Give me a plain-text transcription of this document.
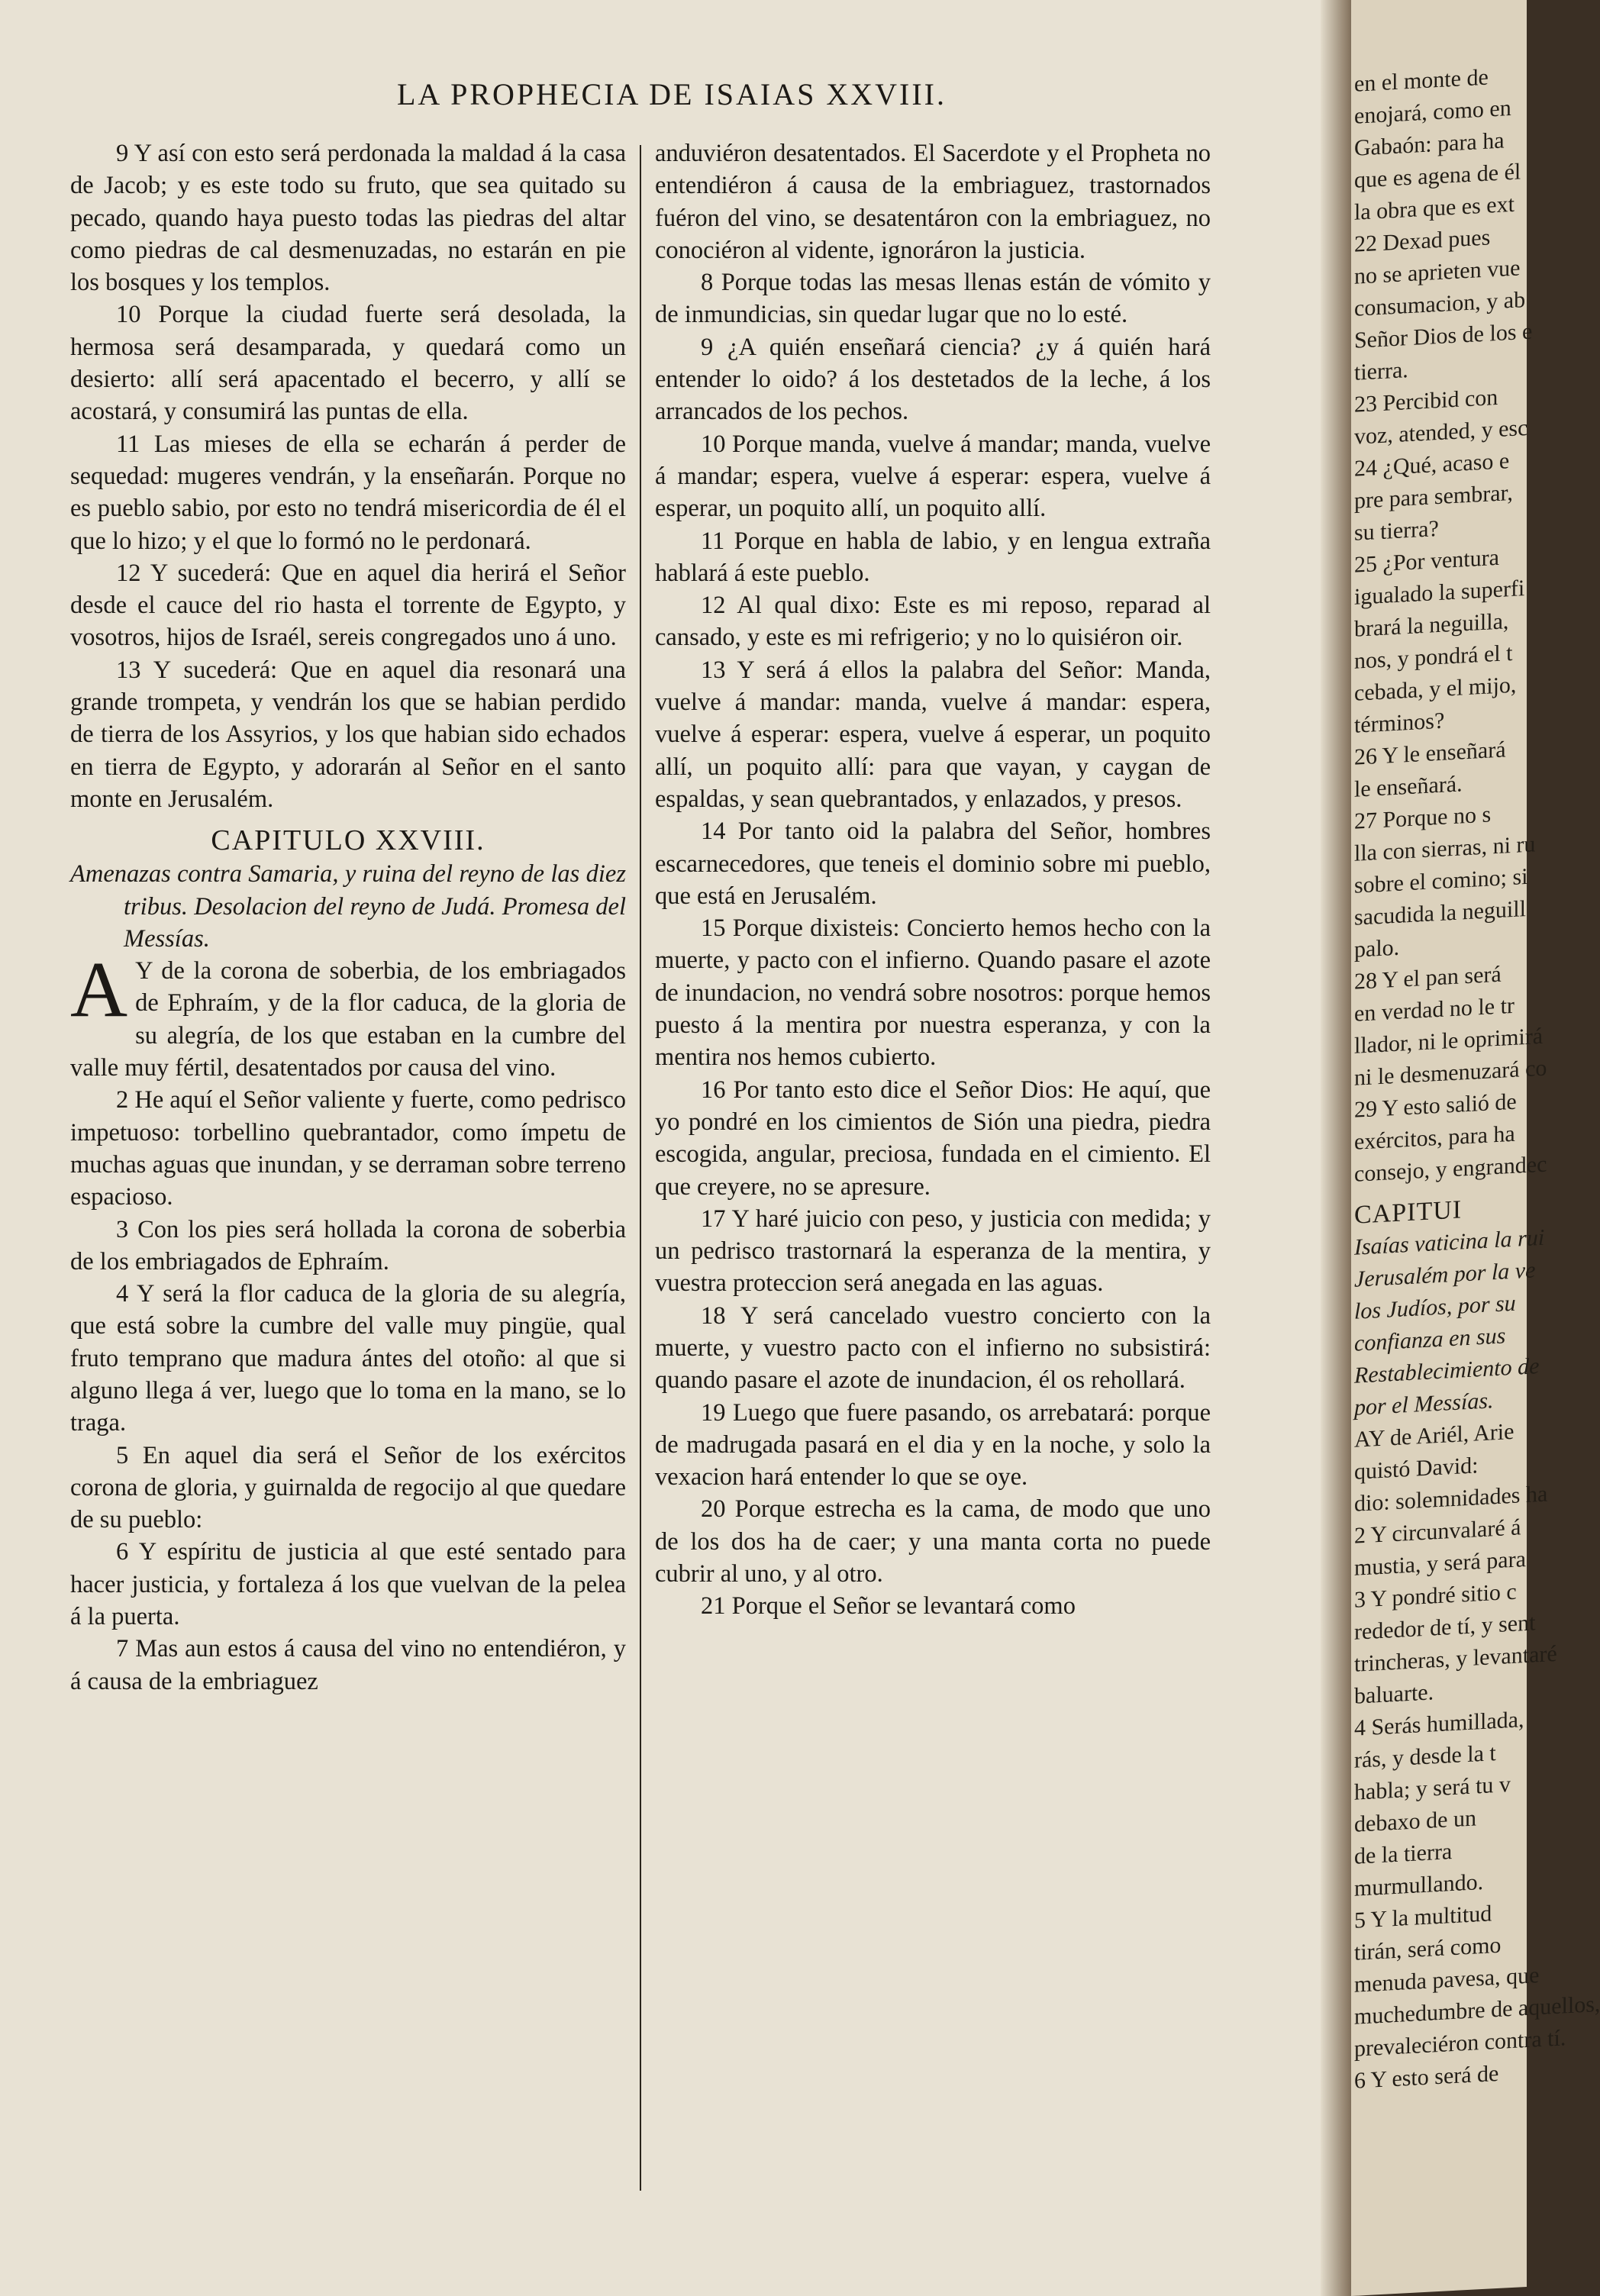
LA PROPHECIA DE ISAIAS XXVIII.

9 Y así con esto será perdonada la maldad á la casa de Jacob; y es este todo su fruto, que sea quitado su pecado, quando haya puesto todas las piedras del altar como piedras de cal desmenuzadas, no estarán en pie los bosques y los templos.

10 Porque la ciudad fuerte será desolada, la hermosa será desamparada, y quedará como un desierto: allí será apacentado el becerro, y allí se acostará, y consumirá las puntas de ella.

11 Las mieses de ella se echarán á perder de sequedad: mugeres vendrán, y la enseñarán. Porque no es pueblo sabio, por esto no tendrá misericordia de él el que lo hizo; y el que lo formó no le perdonará.

12 Y sucederá: Que en aquel dia herirá el Señor desde el cauce del rio hasta el torrente de Egypto, y vosotros, hijos de Israél, sereis congregados uno á uno.

13 Y sucederá: Que en aquel dia resonará una grande trompeta, y vendrán los que se habian perdido de tierra de los Assyrios, y los que habian sido echados en tierra de Egypto, y adorarán al Señor en el santo monte en Jerusalém.

CAPITULO XXVIII.

Amenazas contra Samaria, y ruina del reyno de las diez tribus. Desolacion del reyno de Judá. Promesa del Messías.

A Y de la corona de soberbia, de los embriagados de Ephraím, y de la flor caduca, de la gloria de su alegría, de los que estaban en la cumbre del valle muy fértil, desatentados por causa del vino.

2 He aquí el Señor valiente y fuerte, como pedrisco impetuoso: torbellino quebrantador, como ímpetu de muchas aguas que inundan, y se derraman sobre terreno espacioso.

3 Con los pies será hollada la corona de soberbia de los embriagados de Ephraím.

4 Y será la flor caduca de la gloria de su alegría, que está sobre la cumbre del valle muy pingüe, qual fruto temprano que madura ántes del otoño: al que si alguno llega á ver, luego que lo toma en la mano, se lo traga.

5 En aquel dia será el Señor de los exércitos corona de gloria, y guirnalda de regocijo al que quedare de su pueblo:

6 Y espíritu de justicia al que esté sentado para hacer justicia, y fortaleza á los que vuelvan de la pelea á la puerta.

7 Mas aun estos á causa del vino no entendiéron, y á causa de la embriaguez

anduviéron desatentados. El Sacerdote y el Propheta no entendiéron á causa de la embriaguez, trastornados fuéron del vino, se desatentáron con la embriaguez, no conociéron al vidente, ignoráron la justicia.

8 Porque todas las mesas llenas están de vómito y de inmundicias, sin quedar lugar que no lo esté.

9 ¿A quién enseñará ciencia? ¿y á quién hará entender lo oido? á los destetados de la leche, á los arrancados de los pechos.

10 Porque manda, vuelve á mandar; manda, vuelve á mandar; espera, vuelve á esperar: espera, vuelve á esperar, un poquito allí, un poquito allí.

11 Porque en habla de labio, y en lengua extraña hablará á este pueblo.

12 Al qual dixo: Este es mi reposo, reparad al cansado, y este es mi refrigerio; y no lo quisiéron oir.

13 Y será á ellos la palabra del Señor: Manda, vuelve á mandar: manda, vuelve á mandar: espera, vuelve á esperar: espera, vuelve á esperar, un poquito allí, un poquito allí: para que vayan, y caygan de espaldas, y sean quebrantados, y enlazados, y presos.

14 Por tanto oid la palabra del Señor, hombres escarnecedores, que teneis el dominio sobre mi pueblo, que está en Jerusalém.

15 Porque dixisteis: Concierto hemos hecho con la muerte, y pacto con el infierno. Quando pasare el azote de inundacion, no vendrá sobre nosotros: porque hemos puesto á la mentira por nuestra esperanza, y con la mentira nos hemos cubierto.

16 Por tanto esto dice el Señor Dios: He aquí, que yo pondré en los cimientos de Sión una piedra, piedra escogida, angular, preciosa, fundada en el cimiento. El que creyere, no se apresure.

17 Y haré juicio con peso, y justicia con medida; y un pedrisco trastornará la esperanza de la mentira, y vuestra proteccion será anegada en las aguas.

18 Y será cancelado vuestro concierto con la muerte, y vuestro pacto con el infierno no subsistirá: quando pasare el azote de inundacion, él os rehollará.

19 Luego que fuere pasando, os arrebatará: porque de madrugada pasará en el dia y en la noche, y solo la vexacion hará entender lo que se oye.

20 Porque estrecha es la cama, de modo que uno de los dos ha de caer; y una manta corta no puede cubrir al uno, y al otro.

21 Porque el Señor se levantará como

en el monte de
enojará, como en
Gabaón: para ha
que es agena de él
la obra que es ext
22 Dexad pues
no se aprieten vue
consumacion, y ab
Señor Dios de los e
tierra.
23 Percibid con
voz, atended, y esc
24 ¿Qué, acaso e
pre para sembrar,
su tierra?
25 ¿Por ventura
igualado la superfi
brará la neguilla,
nos, y pondrá el t
cebada, y el mijo,
términos?
26 Y le enseñará
le enseñará.
27 Porque no s
lla con sierras, ni ru
sobre el comino; si
sacudida la neguill
palo.
28 Y el pan será
en verdad no le tr
llador, ni le oprimirá
ni le desmenuzará co
29 Y esto salió de
exércitos, para ha
consejo, y engrandec
CAPITUI
Isaías vaticina la rui
Jerusalém por la ve
los Judíos, por su
confianza en sus
Restablecimiento de
por el Messías.
AY de Ariél, Arie
quistó David:
dio: solemnidades ha
2 Y circunvalaré á
mustia, y será para
3 Y pondré sitio c
rededor de tí, y sent
trincheras, y levantaré
baluarte.
4 Serás humillada,
rás, y desde la t
habla; y será tu v
debaxo de un
de la tierra
murmullando.
5 Y la multitud
tirán, será como
menuda pavesa, que
muchedumbre de aquellos,
prevaleciéron contra tí.
6 Y esto será de
